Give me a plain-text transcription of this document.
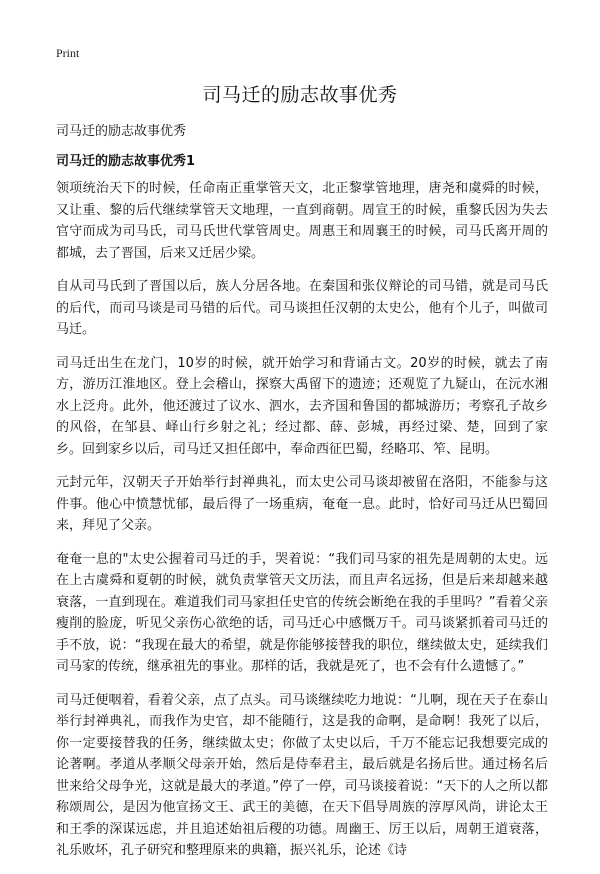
Print
司马迁的励志故事优秀
司马迁的励志故事优秀
司马迁的励志故事优秀1

领项统治天下的时候，任命南正重掌管天文，北正黎掌管地理，唐尧和虞舜的时候，又让重、黎的后代继续掌管天文地理，一直到商朝。周宣王的时候，重黎氏因为失去官守而成为司马氏，司马氏世代掌管周史。周惠王和周襄王的时候，司马氏离开周的都城，去了晋国，后来又迁居少梁。

自从司马氏到了晋国以后，族人分居各地。在秦国和张仪辩论的司马错，就是司马氏的后代，而司马谈是司马错的后代。司马谈担任汉朝的太史公，他有个儿子，叫做司马迁。

司马迁出生在龙门，10岁的时候，就开始学习和背诵古文。20岁的时候，就去了南方，游历江淮地区。登上会稽山，探察大禹留下的遗迹；还观览了九疑山，在沅水湘水上泛舟。此外，他还渡过了议水、泗水，去齐国和鲁国的都城游历；考察孔子故乡的风俗，在邹县、峄山行乡射之礼；经过都、薛、彭城，再经过梁、楚，回到了家乡。回到家乡以后，司马迁又担任郎中，奉命西征巴蜀，经略邛、笮、昆明。

元封元年，汉朝天子开始举行封禅典礼，而太史公司马谈却被留在洛阳，不能参与这件事。他心中愤慧忧郁，最后得了一场重病，奄奄一息。此时，恰好司马迁从巴蜀回来，拜见了父亲。

奄奄一息的"太史公握着司马迁的手，哭着说：“我们司马家的祖先是周朝的太史。远在上古虞舜和夏朝的时候，就负责掌管天文历法，而且声名远扬，但是后来却越来越衰落，一直到现在。难道我们司马家担任史官的传统会断绝在我的手里吗？”看着父亲瘦削的脸庞，听见父亲伤心欲绝的话，司马迁心中感慨万千。司马谈紧抓着司马迁的手不放，说：“我现在最大的希望，就是你能够接替我的职位，继续做太史，延续我们司马家的传统，继承祖先的事业。那样的话，我就是死了，也不会有什么遗憾了。”

司马迁便咽着，看着父亲，点了点头。司马谈继续吃力地说：“儿啊，现在天子在泰山举行封禅典礼，而我作为史官，却不能随行，这是我的命啊，是命啊！我死了以后，你一定要接替我的任务，继续做太史；你做了太史以后，千万不能忘记我想要完成的论著啊。孝道从孝顺父母亲开始，然后是侍奉君主，最后就是名扬后世。通过杨名后世来给父母争光，这就是最大的孝道。”停了一停，司马谈接着说：“天下的人之所以都称颂周公，是因为他宣扬文王、武王的美德，在天下倡导周族的淳厚风尚，讲论太王和王季的深谋远虑，并且追述始祖后稷的功德。周幽王、厉王以后，周朝王道衰落，礼乐败坏，孔子研究和整理原来的典籍，振兴礼乐，论述《诗
